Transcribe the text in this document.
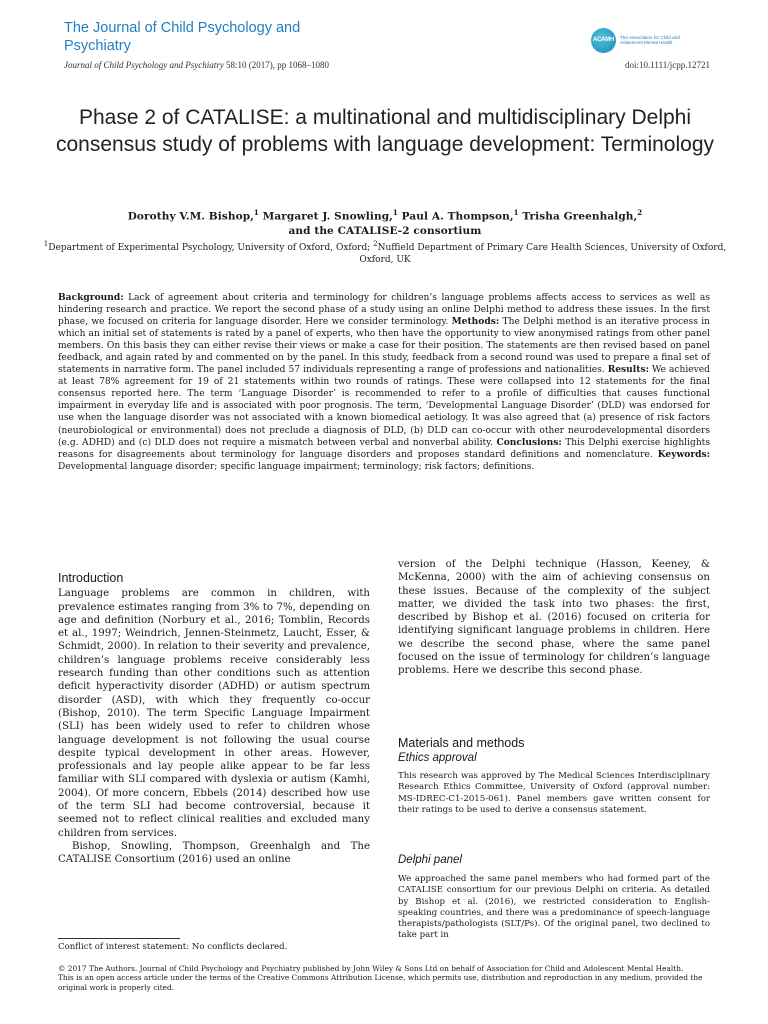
The Journal of Child Psychology and Psychiatry	ACAMH	The Association for Child and Adolescent Mental Health
Journal of Child Psychology and Psychiatry 58:10 (2017), pp 1068–1080	doi:10.1111/jcpp.12721
Phase 2 of CATALISE: a multinational and multidisciplinary Delphi consensus study of problems with language development: Terminology
Dorothy V.M. Bishop,$^1$ Margaret J. Snowling,$^1$ Paul A. Thompson,$^1$ Trisha Greenhalgh,$^2$
and the CATALISE-2 consortium
$^1$Department of Experimental Psychology, University of Oxford, Oxford; $^2$Nuffield Department of Primary Care Health Sciences, University of Oxford, Oxford, UK
Background: Lack of agreement about criteria and terminology for children’s language problems affects access to services as well as hindering research and practice. We report the second phase of a study using an online Delphi method to address these issues. In the first phase, we focused on criteria for language disorder. Here we consider terminology. Methods: The Delphi method is an iterative process in which an initial set of statements is rated by a panel of experts, who then have the opportunity to view anonymised ratings from other panel members. On this basis they can either revise their views or make a case for their position. The statements are then revised based on panel feedback, and again rated by and commented on by the panel. In this study, feedback from a second round was used to prepare a final set of statements in narrative form. The panel included 57 individuals representing a range of professions and nationalities. Results: We achieved at least 78% agreement for 19 of 21 statements within two rounds of ratings. These were collapsed into 12 statements for the final consensus reported here. The term ‘Language Disorder’ is recommended to refer to a profile of difficulties that causes functional impairment in everyday life and is associated with poor prognosis. The term, ‘Developmental Language Disorder’ (DLD) was endorsed for use when the language disorder was not associated with a known biomedical aetiology. It was also agreed that (a) presence of risk factors (neurobiological or environmental) does not preclude a diagnosis of DLD, (b) DLD can co-occur with other neurodevelopmental disorders (e.g. ADHD) and (c) DLD does not require a mismatch between verbal and nonverbal ability. Conclusions: This Delphi exercise highlights reasons for disagreements about terminology for language disorders and proposes standard definitions and nomenclature. Keywords: Developmental language disorder; specific language impairment; terminology; risk factors; definitions.
Introduction
Language problems are common in children, with prevalence estimates ranging from 3% to 7%, depending on age and definition (Norbury et al., 2016; Tomblin, Records et al., 1997; Weindrich, Jennen-Steinmetz, Laucht, Esser, & Schmidt, 2000). In relation to their severity and prevalence, children’s language problems receive considerably less research funding than other conditions such as attention deficit hyperactivity disorder (ADHD) or autism spectrum disorder (ASD), with which they frequently co-occur (Bishop, 2010). The term Specific Language Impairment (SLI) has been widely used to refer to children whose language development is not following the usual course despite typical development in other areas. However, professionals and lay people alike appear to be far less familiar with SLI compared with dyslexia or autism (Kamhi, 2004). Of more concern, Ebbels (2014) described how use of the term SLI had become controversial, because it seemed not to reflect clinical realities and excluded many children from services.
Bishop, Snowling, Thompson, Greenhalgh and The CATALISE Consortium (2016) used an online
version of the Delphi technique (Hasson, Keeney, & McKenna, 2000) with the aim of achieving consensus on these issues. Because of the complexity of the subject matter, we divided the task into two phases: the first, described by Bishop et al. (2016) focused on criteria for identifying significant language problems in children. Here we describe the second phase, where the same panel focused on the issue of terminology for children’s language problems. Here we describe this second phase.
Materials and methods
Ethics approval
This research was approved by The Medical Sciences Interdisciplinary Research Ethics Committee, University of Oxford (approval number: MS-IDREC-C1-2015-061). Panel members gave written consent for their ratings to be used to derive a consensus statement.
Delphi panel
We approached the same panel members who had formed part of the CATALISE consortium for our previous Delphi on criteria. As detailed by Bishop et al. (2016), we restricted consideration to English-speaking countries, and there was a predominance of speech-language therapists/pathologists (SLT/Ps). Of the original panel, two declined to take part in
Conflict of interest statement: No conflicts declared.
© 2017 The Authors. Journal of Child Psychology and Psychiatry published by John Wiley & Sons Ltd on behalf of Association for Child and Adolescent Mental Health.
This is an open access article under the terms of the Creative Commons Attribution License, which permits use, distribution and reproduction in any medium, provided the original work is properly cited.
